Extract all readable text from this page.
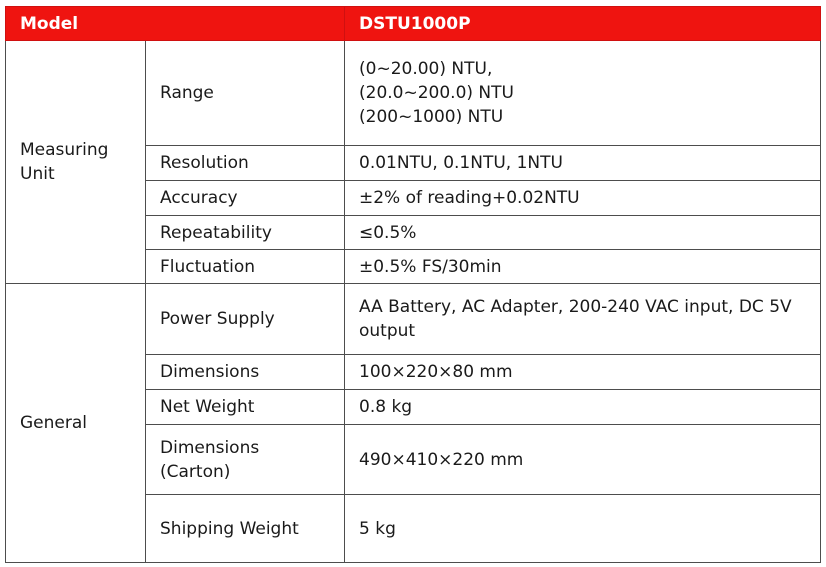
Model		DSTU1000P

Measuring Unit	Range	(0~20.00) NTU,
(20.0~200.0) NTU
(200~1000) NTU

	Resolution	0.01NTU, 0.1NTU, 1NTU
	Accuracy	±2% of reading+0.02NTU
	Repeatability	≤0.5%
	Fluctuation	±0.5% FS/30min
General	Power Supply	AA Battery, AC Adapter, 200-240 VAC input, DC 5V output
	Dimensions	100×220×80 mm
	Net Weight	0.8 kg

	Dimensions (Carton)	490×410×220 mm
	Shipping Weight	5 kg
